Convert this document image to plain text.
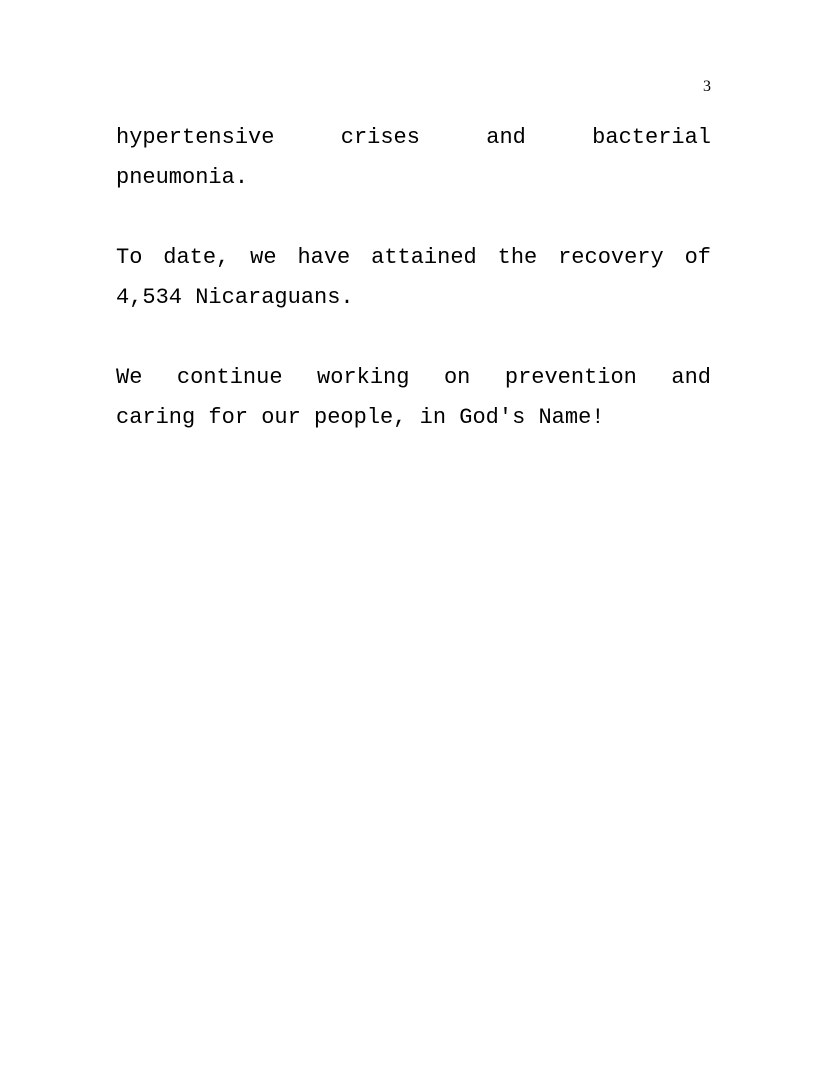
3

hypertensive crises and bacterial
pneumonia.

To date, we have attained the recovery of
4,534 Nicaraguans.

We continue working on prevention and
caring for our people, in God's Name!
